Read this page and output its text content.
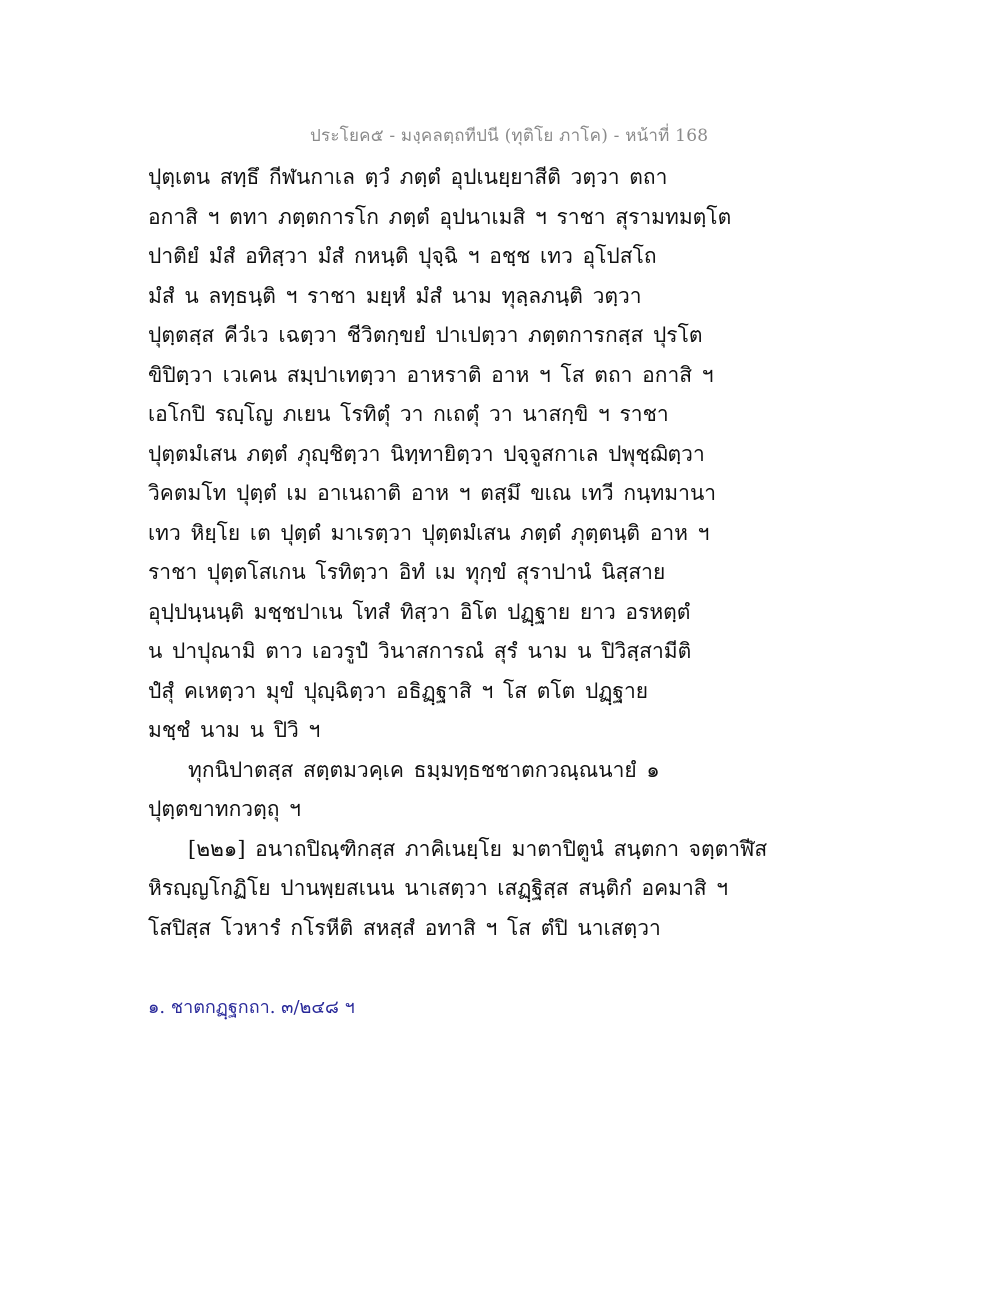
ประโยค๕ - มงฺคลตฺถทีปนี (ทุติโย ภาโค) - หน้าที่ 168
ปุตฺเตน สทฺธึ กีฬนกาเล ตฺวํ ภตฺตํ อุปเนยฺยาสีติ วตฺวา ตถา
อกาสิ ฯ ตทา ภตฺตการโก ภตฺตํ อุปนาเมสิ ฯ ราชา สุรามทมตฺโต
ปาติยํ มํสํ อทิสฺวา มํสํ กหนฺติ ปุจฺฉิ ฯ อชฺช เทว อุโปสโถ
มํสํ น ลทฺธนฺติ ฯ ราชา มยฺหํ มํสํ นาม ทุลฺลภนฺติ วตฺวา
ปุตฺตสฺส คีวํเว เฉตฺวา ชีวิตกฺขยํ ปาเปตฺวา ภตฺตการกสฺส ปุรโต
ขิปิตฺวา เวเคน สมฺปาเทตฺวา อาหราติ อาห ฯ โส ตถา อกาสิ ฯ
เอโกปิ รญฺโญ ภเยน โรทิตุํ วา กเถตุํ วา นาสกฺขิ ฯ ราชา
ปุตฺตมํเสน ภตฺตํ ภุญฺชิตฺวา นิทฺทายิตฺวา ปจฺจูสกาเล ปพุชฺฌิตฺวา
วิคตมโท ปุตฺตํ เม อาเนถาติ อาห ฯ ตสฺมึ ขเณ เทวี กนฺทมานา
เทว หิยฺโย เต ปุตฺตํ มาเรตฺวา ปุตฺตมํเสน ภตฺตํ ภุตฺตนฺติ อาห ฯ
ราชา ปุตฺตโสเกน โรทิตฺวา อิทํ เม ทุกฺขํ สุราปานํ นิสฺสาย
อุปฺปนฺนนฺติ มชฺชปาเน โทสํ ทิสฺวา อิโต ปฏฺฐาย ยาว อรหตฺตํ
น ปาปุณามิ ตาว เอวรูปํ วินาสการณํ สุรํ นาม น ปิวิสฺสามีติ
ปํสุํ คเหตฺวา มุขํ ปุญฺฉิตฺวา อธิฏฺฐาสิ ฯ โส ตโต ปฏฺฐาย
มชฺชํ นาม น ปิวิ ฯ
ทุกนิปาตสฺส สตฺตมวคฺเค ธมฺมทฺธชชาตกวณฺณนายํ ๑
ปุตฺตขาทกวตฺถุ ฯ
[๒๒๑] อนาถปิณฺฑิกสฺส ภาคิเนยฺโย มาตาปิตูนํ สนฺตกา จตฺตาฬีส
หิรญฺญโกฏิโย ปานพฺยสเนน นาเสตฺวา เสฏฺฐิสฺส สนฺติกํ อคมาสิ ฯ
โสปิสฺส โวหารํ กโรหีติ สหสฺสํ อทาสิ ฯ โส ตํปิ นาเสตฺวา
๑. ชาตกฏฺฐกถา. ๓/๒๔๘ ฯ
